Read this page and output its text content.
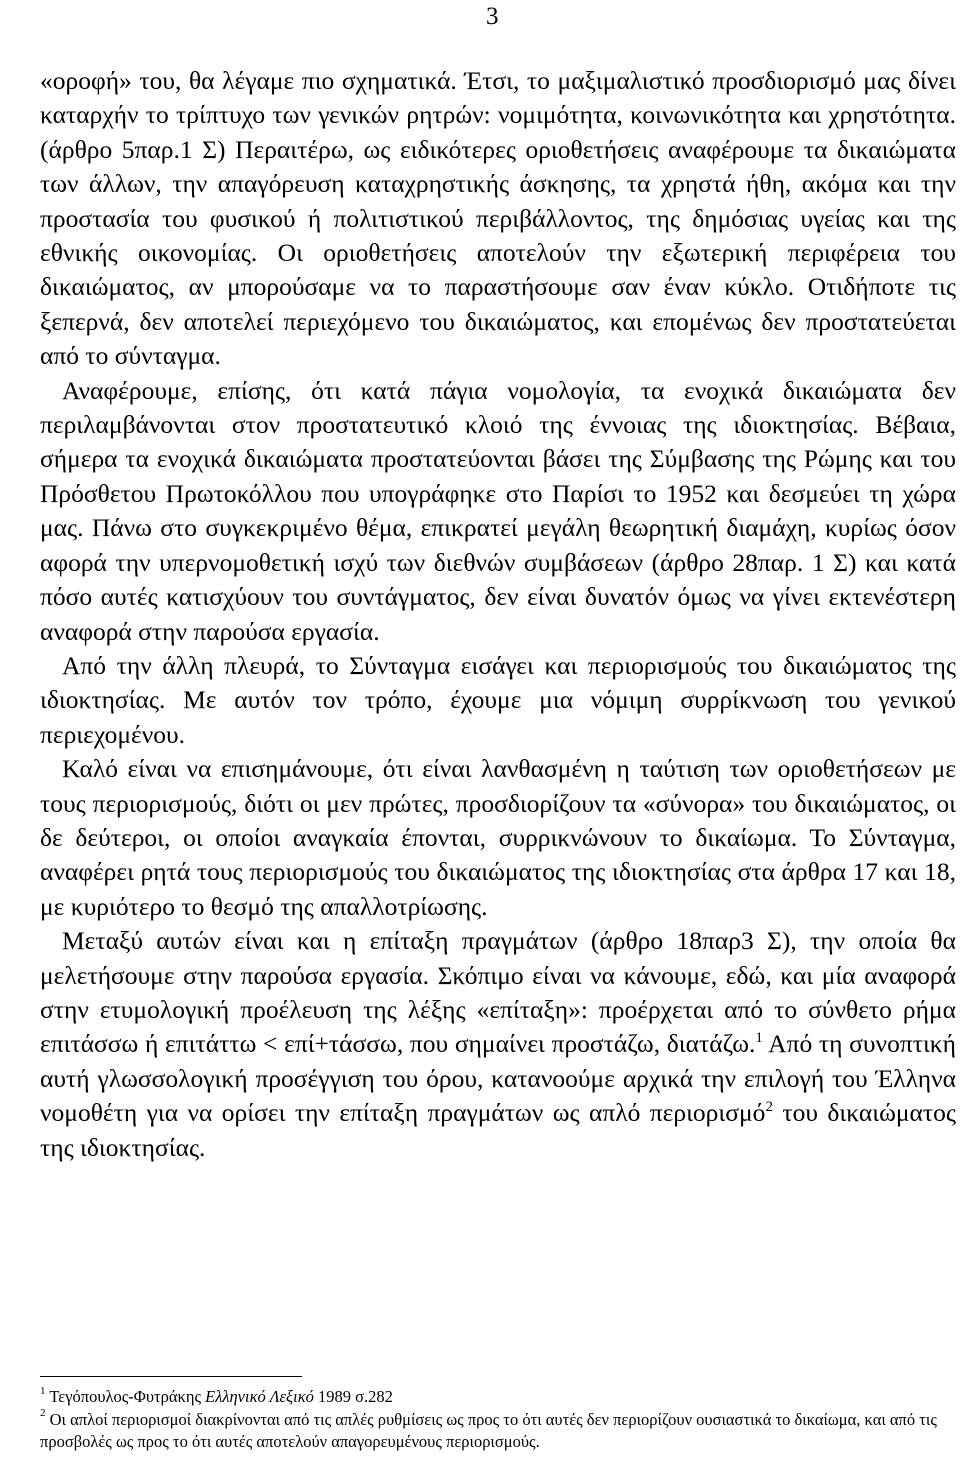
3

«οροφή» του, θα λέγαμε πιο σχηματικά. Έτσι, το μαξιμαλιστικό προσδιορισμό μας δίνει καταρχήν το τρίπτυχο των γενικών ρητρών: νομιμότητα, κοινωνικότητα και χρηστότητα. (άρθρο 5παρ.1 Σ) Περαιτέρω, ως ειδικότερες οριοθετήσεις αναφέρουμε τα δικαιώματα των άλλων, την απαγόρευση καταχρηστικής άσκησης, τα χρηστά ήθη, ακόμα και την προστασία του φυσικού ή πολιτιστικού περιβάλλοντος, της δημόσιας υγείας και της εθνικής οικονομίας. Οι οριοθετήσεις αποτελούν την εξωτερική περιφέρεια του δικαιώματος, αν μπορούσαμε να το παραστήσουμε σαν έναν κύκλο. Οτιδήποτε τις ξεπερνά, δεν αποτελεί περιεχόμενο του δικαιώματος, και επομένως δεν προστατεύεται από το σύνταγμα.

Αναφέρουμε, επίσης, ότι κατά πάγια νομολογία, τα ενοχικά δικαιώματα δεν περιλαμβάνονται στον προστατευτικό κλοιό της έννοιας της ιδιοκτησίας. Βέβαια, σήμερα τα ενοχικά δικαιώματα προστατεύονται βάσει της Σύμβασης της Ρώμης και του Πρόσθετου Πρωτοκόλλου που υπογράφηκε στο Παρίσι το 1952 και δεσμεύει τη χώρα μας. Πάνω στο συγκεκριμένο θέμα, επικρατεί μεγάλη θεωρητική διαμάχη, κυρίως όσον αφορά την υπερνομοθετική ισχύ των διεθνών συμβάσεων (άρθρο 28παρ. 1 Σ) και κατά πόσο αυτές κατισχύουν του συντάγματος, δεν είναι δυνατόν όμως να γίνει εκτενέστερη αναφορά στην παρούσα εργασία.

Από την άλλη πλευρά, το Σύνταγμα εισάγει και περιορισμούς του δικαιώματος της ιδιοκτησίας. Με αυτόν τον τρόπο, έχουμε μια νόμιμη συρρίκνωση του γενικού περιεχομένου.

Καλό είναι να επισημάνουμε, ότι είναι λανθασμένη η ταύτιση των οριοθετήσεων με τους περιορισμούς, διότι οι μεν πρώτες, προσδιορίζουν τα «σύνορα» του δικαιώματος, οι δε δεύτεροι, οι οποίοι αναγκαία έπονται, συρρικνώνουν το δικαίωμα. Το Σύνταγμα, αναφέρει ρητά τους περιορισμούς του δικαιώματος της ιδιοκτησίας στα άρθρα 17 και 18, με κυριότερο το θεσμό της απαλλοτρίωσης.

Μεταξύ αυτών είναι και η επίταξη πραγμάτων (άρθρο 18παρ3 Σ), την οποία θα μελετήσουμε στην παρούσα εργασία. Σκόπιμο είναι να κάνουμε, εδώ, και μία αναφορά στην ετυμολογική προέλευση της λέξης «επίταξη»: προέρχεται από το σύνθετο ρήμα επιτάσσω ή επιτάττω < επί+τάσσω, που σημαίνει προστάζω, διατάζω.$^1$ Από τη συνοπτική αυτή γλωσσολογική προσέγγιση του όρου, κατανοούμε αρχικά την επιλογή του Έλληνα νομοθέτη για να ορίσει την επίταξη πραγμάτων ως απλό περιορισμό$^2$ του δικαιώματος της ιδιοκτησίας.

$^1$ Τεγόπουλος-Φυτράκης Ελληνικό Λεξικό 1989 σ.282

$^2$ Οι απλοί περιορισμοί διακρίνονται από τις απλές ρυθμίσεις ως προς το ότι αυτές δεν περιορίζουν ουσιαστικά το δικαίωμα, και από τις προσβολές ως προς το ότι αυτές αποτελούν απαγορευμένους περιορισμούς.
